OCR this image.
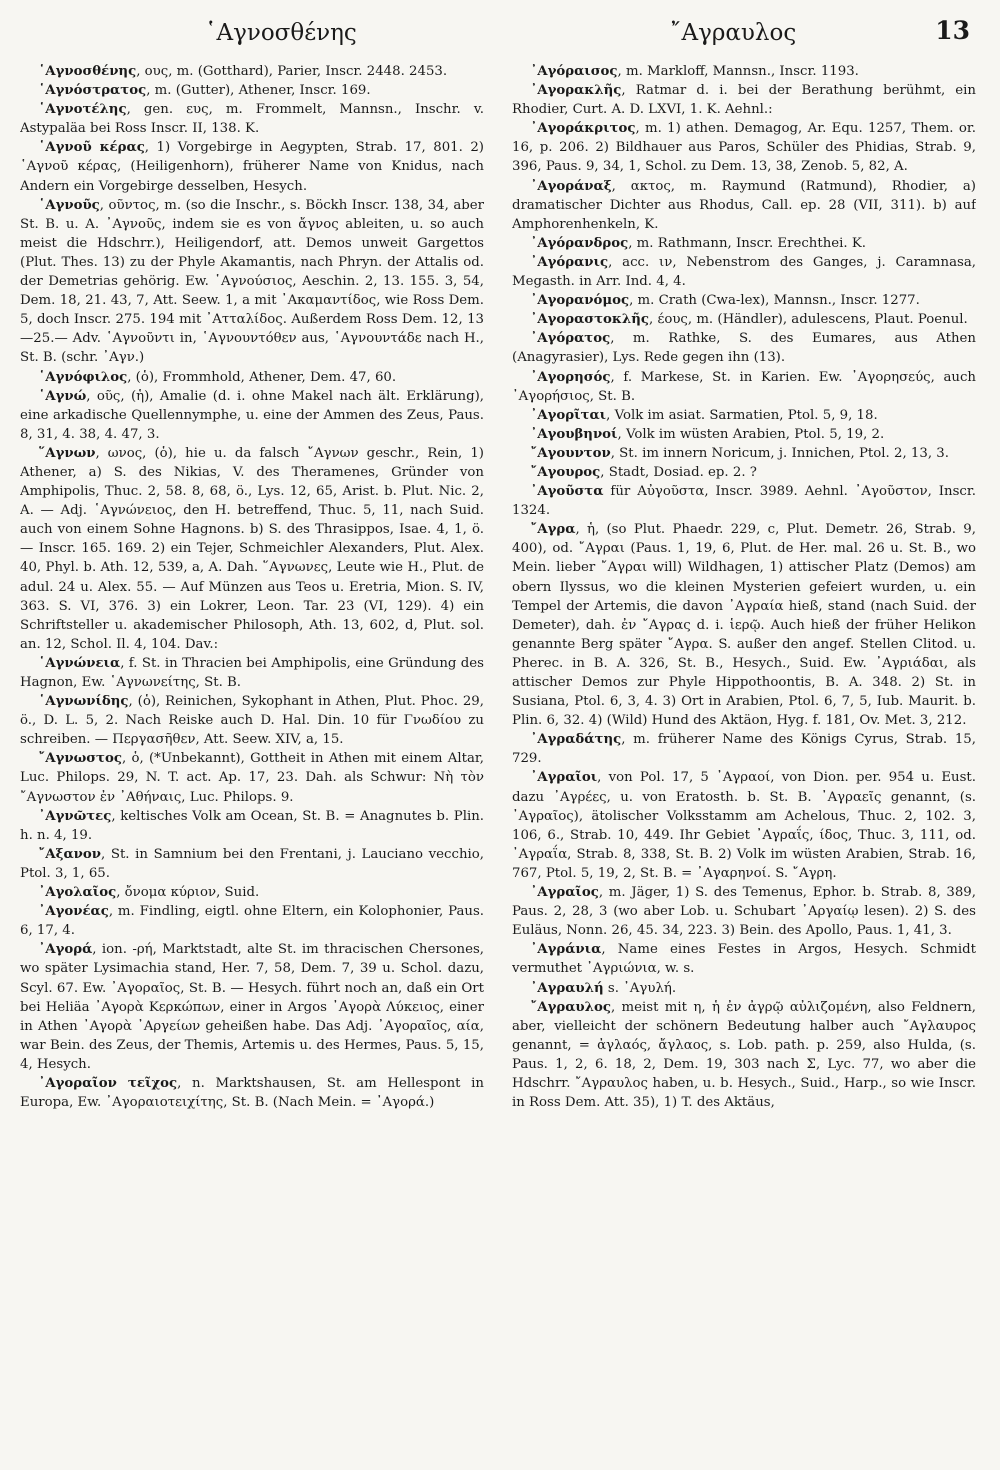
῾Αγνοσθένης	῎Αγραυλος	13

῾Αγνοσθένης, ους, m. (Gotthard), Parier, Inscr. 2448. 2453.

῾Αγνόστρατος, m. (Gutter), Athener, Inscr. 169.

῾Αγνοτέλης, gen. ευς, m. Frommelt, Mannsn., Inschr. v. Astypaläa bei Ross Inscr. II, 138. K.

῾Αγνοῦ κέρας, 1) Vorgebirge in Aegypten, Strab. 17, 801. 2) ῾Αγνοῦ κέρας, (Heiligenhorn), früherer Name von Knidus, nach Andern ein Vorgebirge desselben, Hesych.

῾Αγνοῦς, οῦντος, m. (so die Inschr., s. Böckh Inscr. 138, 34, aber St. B. u. A. ᾿Αγνοῦς, indem sie es von ἄγνος ableiten, u. so auch meist die Hdschrr.), Heiligendorf, att. Demos unweit Gargettos (Plut. Thes. 13) zu der Phyle Akamantis, nach Phryn. der Attalis od. der Demetrias gehörig. Ew. ῾Αγνούσιος, Aeschin. 2, 13. 155. 3, 54, Dem. 18, 21. 43, 7, Att. Seew. 1, a mit ᾿Ακαμαντίδος, wie Ross Dem. 5, doch Inscr. 275. 194 mit ᾿Ατταλίδος. Außerdem Ross Dem. 12, 13—25.— Adv. ῾Αγνοῦντι in, ῾Αγνουντόθεν aus, ῾Αγνουντάδε nach H., St. B. (schr. ᾿Αγν.)

῾Αγνόφιλος, (ὁ), Frommhold, Athener, Dem. 47, 60.

῾Αγνώ, οῦς, (ἡ), Amalie (d. i. ohne Makel nach ält. Erklärung), eine arkadische Quellennymphe, u. eine der Ammen des Zeus, Paus. 8, 31, 4. 38, 4. 47, 3.

῞Αγνων, ωνος, (ὁ), hie u. da falsch ῎Αγνων geschr., Rein, 1) Athener, a) S. des Nikias, V. des Theramenes, Gründer von Amphipolis, Thuc. 2, 58. 8, 68, ö., Lys. 12, 65, Arist. b. Plut. Nic. 2, A. — Adj. ῾Αγνώνειος, den H. betreffend, Thuc. 5, 11, nach Suid. auch von einem Sohne Hagnons. b) S. des Thrasippos, Isae. 4, 1, ö. — Inscr. 165. 169. 2) ein Tejer, Schmeichler Alexanders, Plut. Alex. 40, Phyl. b. Ath. 12, 539, a, A. Dah. ῞Αγνωνες, Leute wie H., Plut. de adul. 24 u. Alex. 55. — Auf Münzen aus Teos u. Eretria, Mion. S. IV, 363. S. VI, 376. 3) ein Lokrer, Leon. Tar. 23 (VI, 129). 4) ein Schriftsteller u. akademischer Philosoph, Ath. 13, 602, d, Plut. sol. an. 12, Schol. Il. 4, 104. Dav.:

῾Αγνώνεια, f. St. in Thracien bei Amphipolis, eine Gründung des Hagnon, Ew. ῾Αγνωνείτης, St. B.

῾Αγνωνίδης, (ὁ), Reinichen, Sykophant in Athen, Plut. Phoc. 29, ö., D. L. 5, 2. Nach Reiske auch D. Hal. Din. 10 für Γνωδίου zu schreiben. — Περγασῆθεν, Att. Seew. XIV, a, 15.

῎Αγνωστος, ὁ, (*Unbekannt), Gottheit in Athen mit einem Altar, Luc. Philops. 29, N. T. act. Ap. 17, 23. Dah. als Schwur: Νὴ τὸν ῎Αγνωστον ἐν ᾿Αθήναις, Luc. Philops. 9.

᾿Αγνῶτες, keltisches Volk am Ocean, St. B. = Anagnutes b. Plin. h. n. 4, 19.

῎Αξανον, St. in Samnium bei den Frentani, j. Lauciano vecchio, Ptol. 3, 1, 65.

᾿Αγολαῖος, ὄνομα κύριον, Suid.

᾿Αγονέας, m. Findling, eigtl. ohne Eltern, ein Kolophonier, Paus. 6, 17, 4.

᾿Αγορά, ion. -ρή, Marktstadt, alte St. im thracischen Chersones, wo später Lysimachia stand, Her. 7, 58, Dem. 7, 39 u. Schol. dazu, Scyl. 67. Ew. ᾿Αγοραῖος, St. B. — Hesych. führt noch an, daß ein Ort bei Heliäa ᾿Αγορὰ Κερκώπων, einer in Argos ᾿Αγορὰ Λύκειος, einer in Athen ᾿Αγορὰ ᾿Αργείων geheißen habe. Das Adj. ᾿Αγοραῖος, αία, war Bein. des Zeus, der Themis, Artemis u. des Hermes, Paus. 5, 15, 4, Hesych.

᾿Αγοραῖον τεῖχος, n. Marktshausen, St. am Hellespont in Europa, Ew. ᾿Αγοραιοτειχίτης, St. B. (Nach Mein. = ᾿Αγορά.)

᾿Αγόραισος, m. Markloff, Mannsn., Inscr. 1193.

᾿Αγορακλῆς, Ratmar d. i. bei der Berathung berühmt, ein Rhodier, Curt. A. D. LXVI, 1. K. Aehnl.:

᾿Αγοράκριτος, m. 1) athen. Demagog, Ar. Equ. 1257, Them. or. 16, p. 206. 2) Bildhauer aus Paros, Schüler des Phidias, Strab. 9, 396, Paus. 9, 34, 1, Schol. zu Dem. 13, 38, Zenob. 5, 82, A.

᾿Αγοράναξ, ακτος, m. Raymund (Ratmund), Rhodier, a) dramatischer Dichter aus Rhodus, Call. ep. 28 (VII, 311). b) auf Amphorenhenkeln, K.

᾿Αγόρανδρος, m. Rathmann, Inscr. Erechthei. K.

᾿Αγόρανις, acc. ιν, Nebenstrom des Ganges, j. Caramnasa, Megasth. in Arr. Ind. 4, 4.

᾿Αγορανόμος, m. Crath (Cwa-lex), Mannsn., Inscr. 1277.

᾿Αγοραστοκλῆς, έους, m. (Händler), adulescens, Plaut. Poenul.

᾿Αγόρατος, m. Rathke, S. des Eumares, aus Athen (Anagyrasier), Lys. Rede gegen ihn (13).

᾿Αγορησός, f. Markese, St. in Karien. Ew. ᾿Αγορησεύς, auch ᾿Αγορήσιος, St. B.

᾿Αγορῖται, Volk im asiat. Sarmatien, Ptol. 5, 9, 18.

᾿Αγουβηνοί, Volk im wüsten Arabien, Ptol. 5, 19, 2.

῎Αγουντον, St. im innern Noricum, j. Innichen, Ptol. 2, 13, 3.

῎Αγουρος, Stadt, Dosiad. ep. 2. ?

᾿Αγοῦστα für Αὐγοῦστα, Inscr. 3989. Aehnl. ᾿Αγοῦστον, Inscr. 1324.

῎Αγρα, ἡ, (so Plut. Phaedr. 229, c, Plut. Demetr. 26, Strab. 9, 400), od. ῎Αγραι (Paus. 1, 19, 6, Plut. de Her. mal. 26 u. St. B., wo Mein. lieber ῎Αγραι will) Wildhagen, 1) attischer Platz (Demos) am obern Ilyssus, wo die kleinen Mysterien gefeiert wurden, u. ein Tempel der Artemis, die davon ᾿Αγραία hieß, stand (nach Suid. der Demeter), dah. ἐν ῎Αγρας d. i. ἱερῷ. Auch hieß der früher Helikon genannte Berg später ῎Αγρα. S. außer den angef. Stellen Clitod. u. Pherec. in B. A. 326, St. B., Hesych., Suid. Ew. ᾿Αγριάδαι, als attischer Demos zur Phyle Hippothoontis, B. A. 348. 2) St. in Susiana, Ptol. 6, 3, 4. 3) Ort in Arabien, Ptol. 6, 7, 5, Iub. Maurit. b. Plin. 6, 32. 4) (Wild) Hund des Aktäon, Hyg. f. 181, Ov. Met. 3, 212.

᾿Αγραδάτης, m. früherer Name des Königs Cyrus, Strab. 15, 729.

᾿Αγραῖοι, von Pol. 17, 5 ᾿Αγραοί, von Dion. per. 954 u. Eust. dazu ᾿Αγρέες, u. von Eratosth. b. St. B. ᾿Αγραεῖς genannt, (s. ᾿Αγραῖος), ätolischer Volksstamm am Achelous, Thuc. 2, 102. 3, 106, 6., Strab. 10, 449. Ihr Gebiet ᾿Αγραΐς, ίδος, Thuc. 3, 111, od. ᾿Αγραΐα, Strab. 8, 338, St. B. 2) Volk im wüsten Arabien, Strab. 16, 767, Ptol. 5, 19, 2, St. B. = ᾿Αγαρηνοί. S. ῎Αγρη.

᾿Αγραῖος, m. Jäger, 1) S. des Temenus, Ephor. b. Strab. 8, 389, Paus. 2, 28, 3 (wo aber Lob. u. Schubart ᾿Αργαίῳ lesen). 2) S. des Euläus, Nonn. 26, 45. 34, 223. 3) Bein. des Apollo, Paus. 1, 41, 3.

᾿Αγράνια, Name eines Festes in Argos, Hesych. Schmidt vermuthet ᾿Αγριώνια, w. s.

᾿Αγραυλή s. ᾿Αγυλή.

῎Αγραυλος, meist mit η, ἡ ἐν ἀγρῷ αὐλιζομένη, also Feldnern, aber, vielleicht der schönern Bedeutung halber auch ῎Αγλαυρος genannt, = ἀγλαός, ἄγλαος, s. Lob. path. p. 259, also Hulda, (s. Paus. 1, 2, 6. 18, 2, Dem. 19, 303 nach Σ, Lyc. 77, wo aber die Hdschrr. ῎Αγραυλος haben, u. b. Hesych., Suid., Harp., so wie Inscr. in Ross Dem. Att. 35), 1) T. des Aktäus,
